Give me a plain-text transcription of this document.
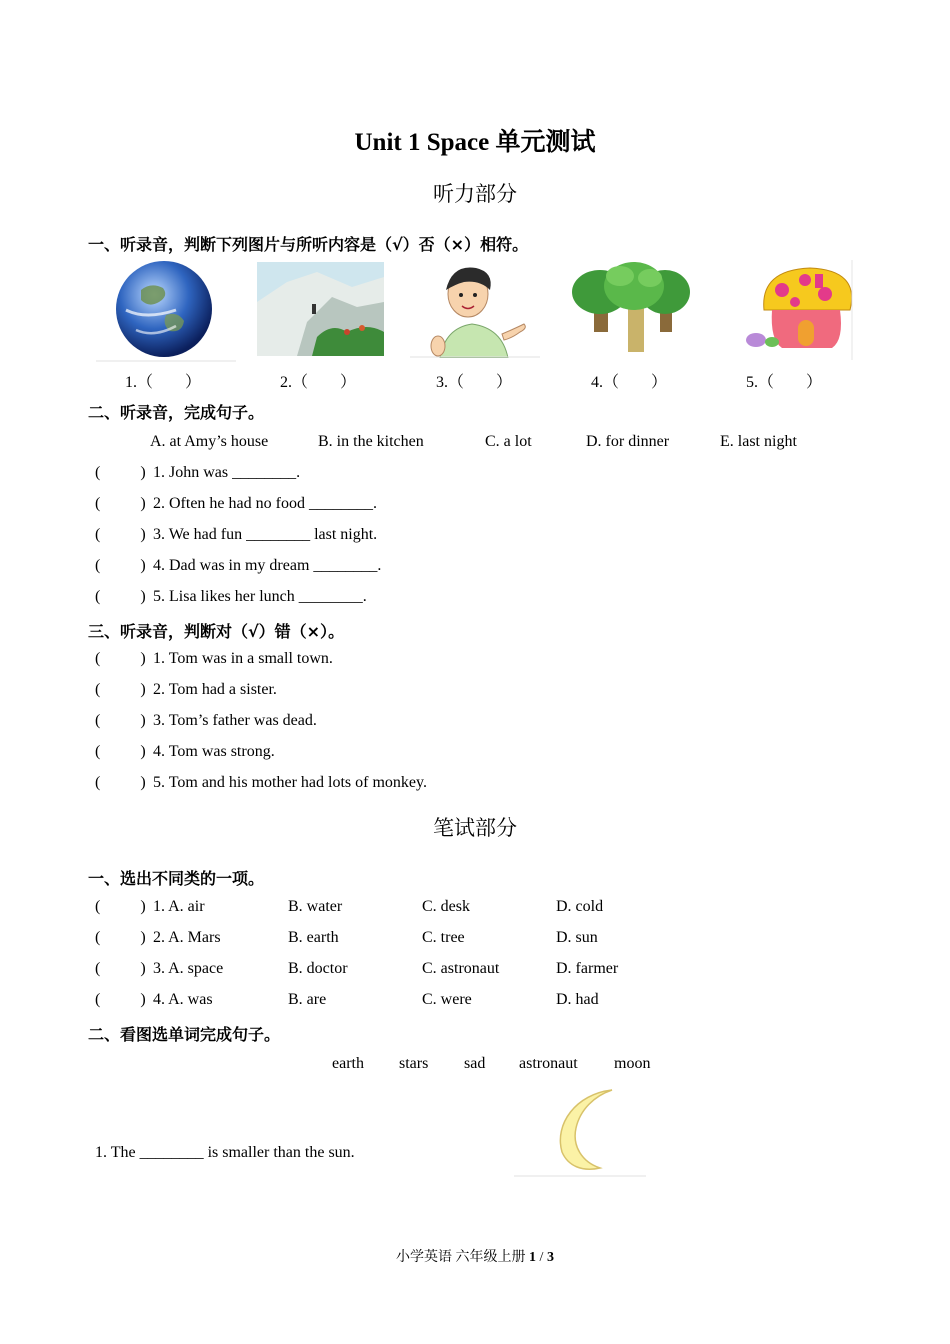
Unit 1 Space 单元测试
听力部分
一、听录音，判断下列图片与所听内容是（√）否（×）相符。
1.（　　）	2.（　　）	3.（　　）	4.（　　）	5.（　　）
二、听录音，完成句子。
A. at Amy’s house	B. in the kitchen	C. a lot	D. for dinner	E. last night
(          ) 1. John was ________.
(          ) 2. Often he had no food ________.
(          ) 3. We had fun ________ last night.
(          ) 4. Dad was in my dream ________.
(          ) 5. Lisa likes her lunch ________.
三、听录音，判断对（√）错（×）。
(          ) 1. Tom was in a small town.
(          ) 2. Tom had a sister.
(          ) 3. Tom’s father was dead.
(          ) 4. Tom was strong.
(          ) 5. Tom and his mother had lots of monkey.
笔试部分
一、选出不同类的一项。
(          ) 1. A. air	B. water	C. desk	D. cold
(          ) 2. A. Mars	B. earth	C. tree	D. sun
(          ) 3. A. space	B. doctor	C. astronaut	D. farmer
(          ) 4. A. was	B. are	C. were	D. had
二、看图选单词完成句子。
earth stars sad astronaut moon
1. The ________ is smaller than the sun.
小学英语 六年级上册 1 / 3
